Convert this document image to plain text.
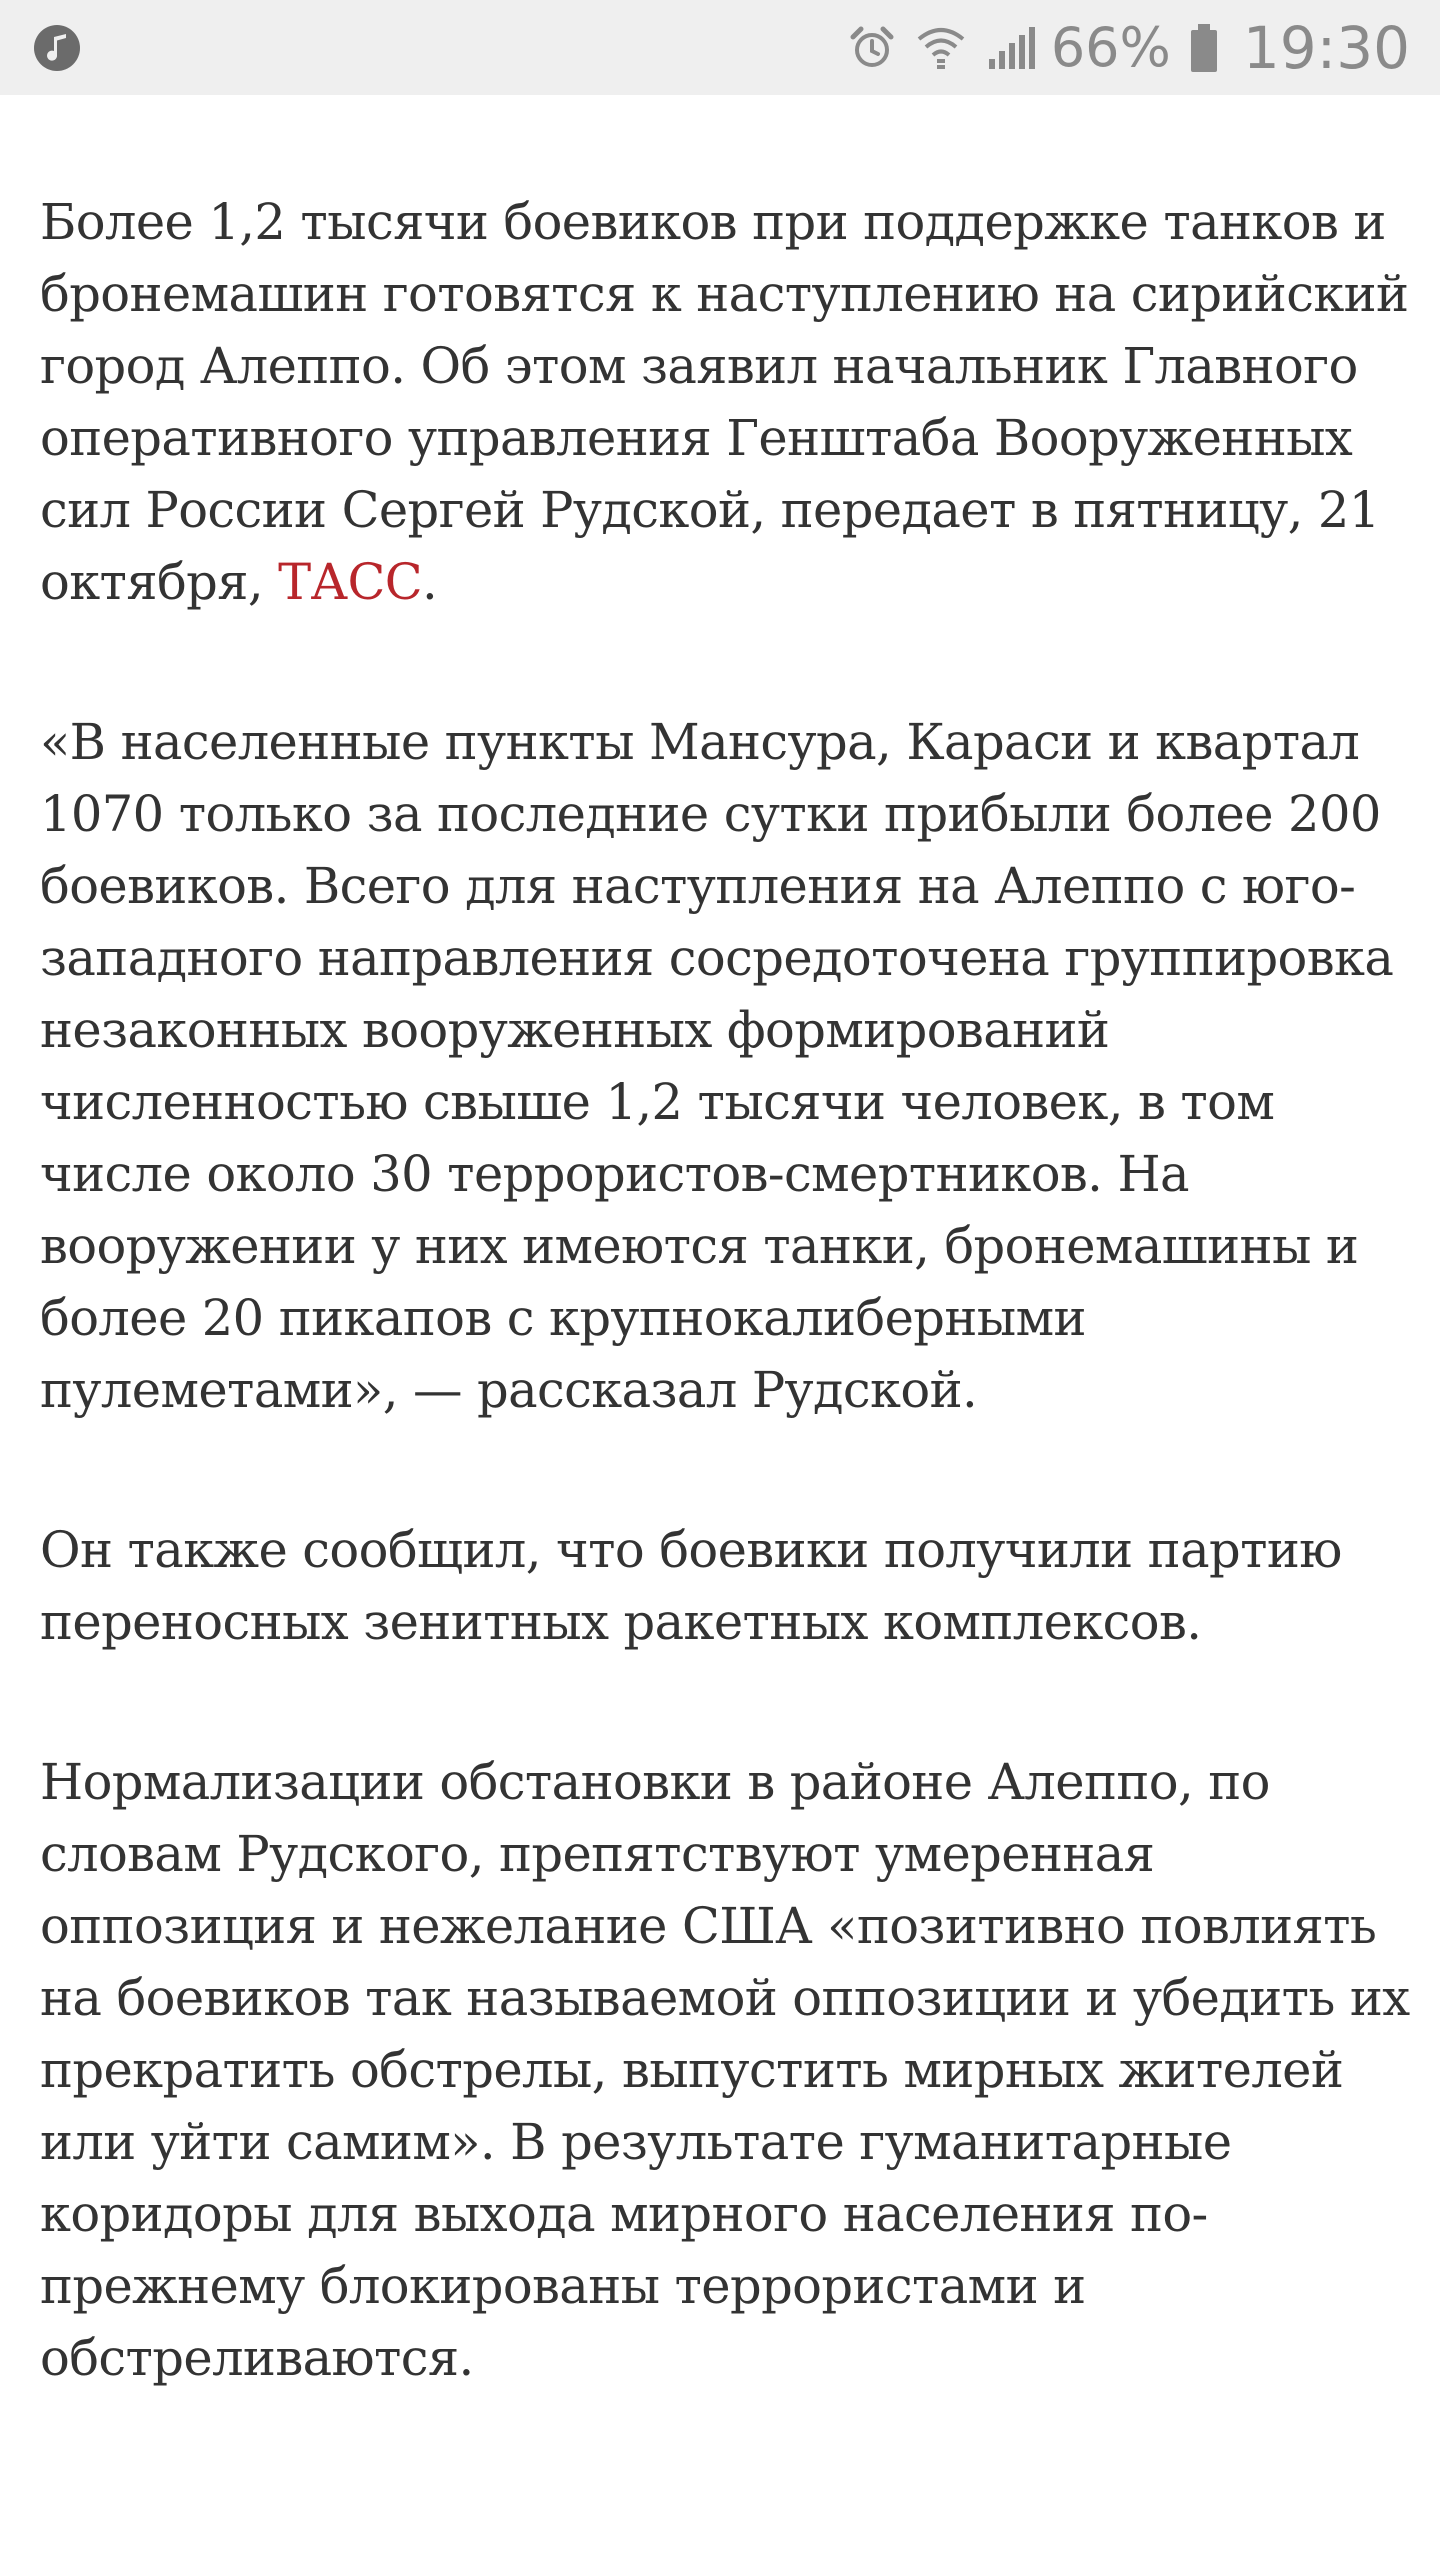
66% 19:30

Более 1,2 тысячи боевиков при поддержке танков и бронемашин готовятся к наступлению на сирийский город Алеппо. Об этом заявил начальник Главного оперативного управления Генштаба Вооруженных сил России Сергей Рудской, передает в пятницу, 21 октября, ТАСС.

«В населенные пункты Мансура, Караси и квартал 1070 только за последние сутки прибыли более 200 боевиков. Всего для наступления на Алеппо с юго-западного направления сосредоточена группировка незаконных вооруженных формирований численностью свыше 1,2 тысячи человек, в том числе около 30 террористов-смертников. На вооружении у них имеются танки, бронемашины и более 20 пикапов с крупнокалиберными пулеметами», — рассказал Рудской.

Он также сообщил, что боевики получили партию переносных зенитных ракетных комплексов.

Нормализации обстановки в районе Алеппо, по словам Рудского, препятствуют умеренная оппозиция и нежелание США «позитивно повлиять на боевиков так называемой оппозиции и убедить их прекратить обстрелы, выпустить мирных жителей или уйти самим». В результате гуманитарные коридоры для выхода мирного населения по-прежнему блокированы террористами и обстреливаются.
